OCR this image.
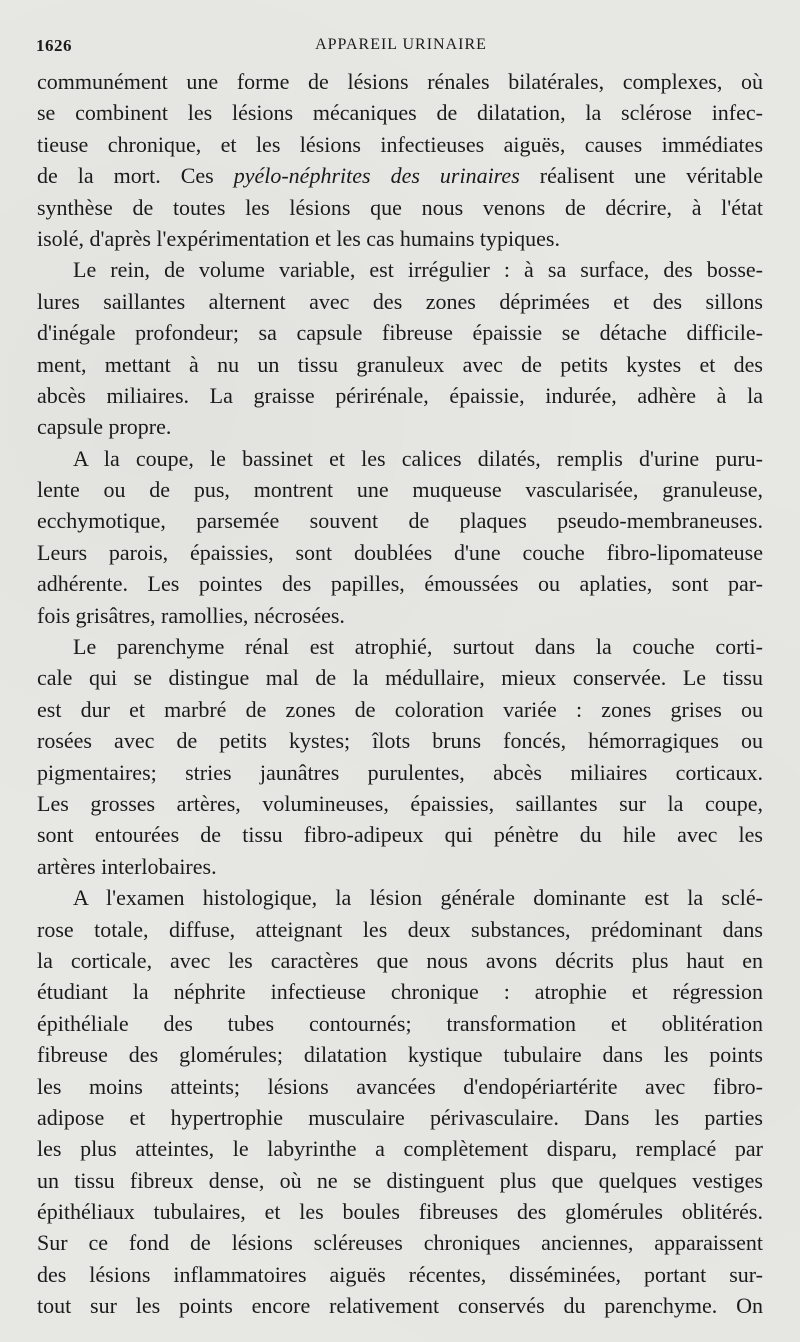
1626	APPAREIL URINAIRE
communément une forme de lésions rénales bilatérales, complexes, où
se combinent les lésions mécaniques de dilatation, la sclérose infec-
tieuse chronique, et les lésions infectieuses aiguës, causes immédiates
de la mort. Ces pyélo-néphrites des urinaires réalisent une véritable
synthèse de toutes les lésions que nous venons de décrire, à l'état
isolé, d'après l'expérimentation et les cas humains typiques.
Le rein, de volume variable, est irrégulier : à sa surface, des bosse-
lures saillantes alternent avec des zones déprimées et des sillons
d'inégale profondeur; sa capsule fibreuse épaissie se détache difficile-
ment, mettant à nu un tissu granuleux avec de petits kystes et des
abcès miliaires. La graisse périrénale, épaissie, indurée, adhère à la
capsule propre.
A la coupe, le bassinet et les calices dilatés, remplis d'urine puru-
lente ou de pus, montrent une muqueuse vascularisée, granuleuse,
ecchymotique, parsemée souvent de plaques pseudo-membraneuses.
Leurs parois, épaissies, sont doublées d'une couche fibro-lipomateuse
adhérente. Les pointes des papilles, émoussées ou aplaties, sont par-
fois grisâtres, ramollies, nécrosées.
Le parenchyme rénal est atrophié, surtout dans la couche corti-
cale qui se distingue mal de la médullaire, mieux conservée. Le tissu
est dur et marbré de zones de coloration variée : zones grises ou
rosées avec de petits kystes; îlots bruns foncés, hémorragiques ou
pigmentaires; stries jaunâtres purulentes, abcès miliaires corticaux.
Les grosses artères, volumineuses, épaissies, saillantes sur la coupe,
sont entourées de tissu fibro-adipeux qui pénètre du hile avec les
artères interlobaires.
A l'examen histologique, la lésion générale dominante est la sclé-
rose totale, diffuse, atteignant les deux substances, prédominant dans
la corticale, avec les caractères que nous avons décrits plus haut en
étudiant la néphrite infectieuse chronique : atrophie et régression
épithéliale des tubes contournés; transformation et oblitération
fibreuse des glomérules; dilatation kystique tubulaire dans les points
les moins atteints; lésions avancées d'endopériartérite avec fibro-
adipose et hypertrophie musculaire périvasculaire. Dans les parties
les plus atteintes, le labyrinthe a complètement disparu, remplacé par
un tissu fibreux dense, où ne se distinguent plus que quelques vestiges
épithéliaux tubulaires, et les boules fibreuses des glomérules oblitérés.
Sur ce fond de lésions scléreuses chroniques anciennes, apparaissent
des lésions inflammatoires aiguës récentes, disséminées, portant sur-
tout sur les points encore relativement conservés du parenchyme. On
